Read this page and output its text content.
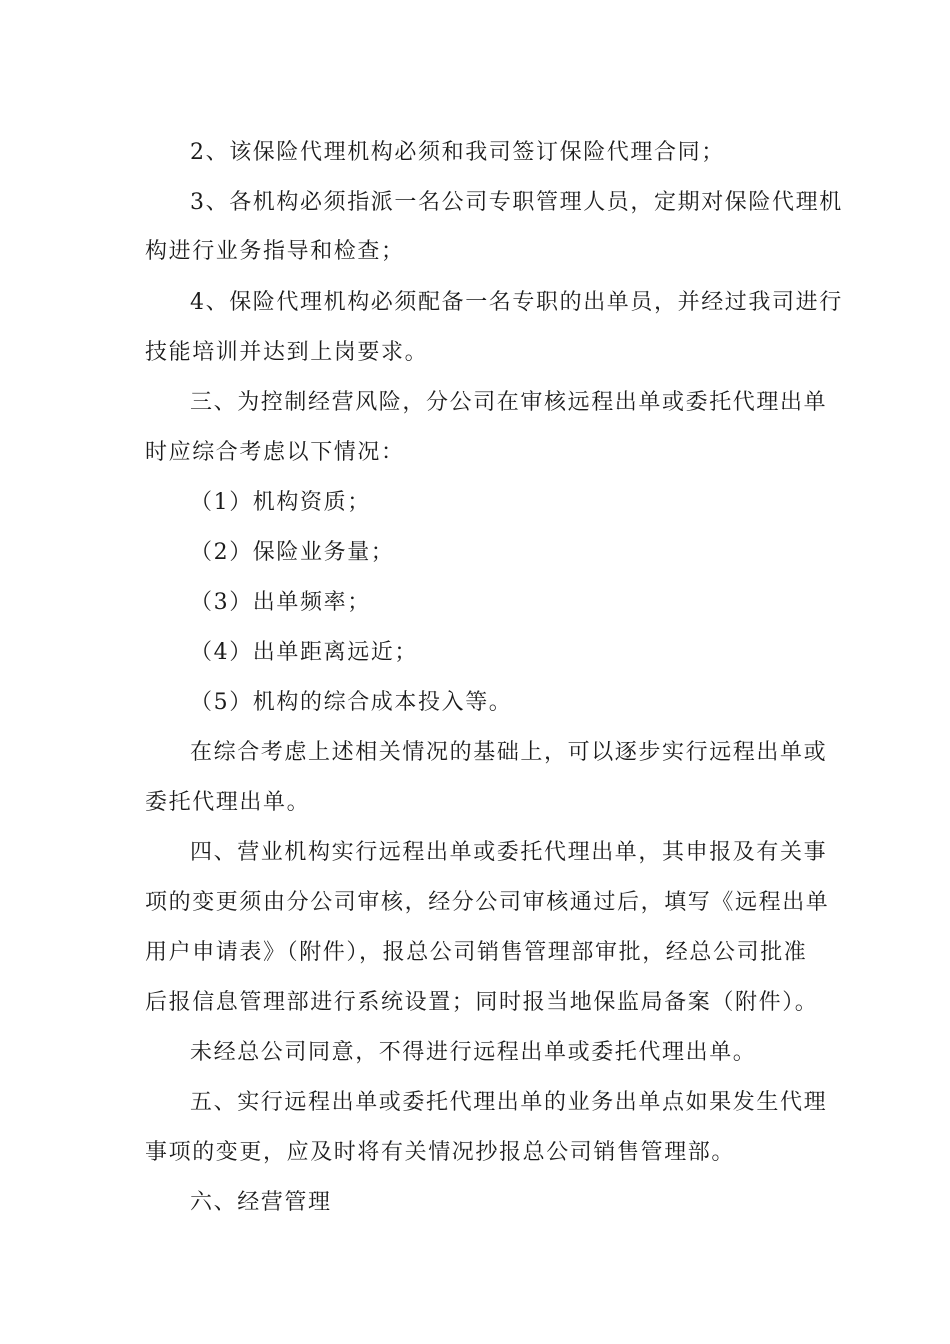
2、该保险代理机构必须和我司签订保险代理合同；
3、各机构必须指派一名公司专职管理人员，定期对保险代理机
构进行业务指导和检查；
4、保险代理机构必须配备一名专职的出单员，并经过我司进行
技能培训并达到上岗要求。
三、为控制经营风险，分公司在审核远程出单或委托代理出单
时应综合考虑以下情况：
（1）机构资质；
（2）保险业务量；
（3）出单频率；
（4）出单距离远近；
（5）机构的综合成本投入等。
在综合考虑上述相关情况的基础上，可以逐步实行远程出单或
委托代理出单。
四、营业机构实行远程出单或委托代理出单，其申报及有关事
项的变更须由分公司审核，经分公司审核通过后，填写《远程出单
用户申请表》（附件），报总公司销售管理部审批，经总公司批准
后报信息管理部进行系统设置；同时报当地保监局备案（附件）。
未经总公司同意，不得进行远程出单或委托代理出单。
五、实行远程出单或委托代理出单的业务出单点如果发生代理
事项的变更，应及时将有关情况抄报总公司销售管理部。
六、经营管理
